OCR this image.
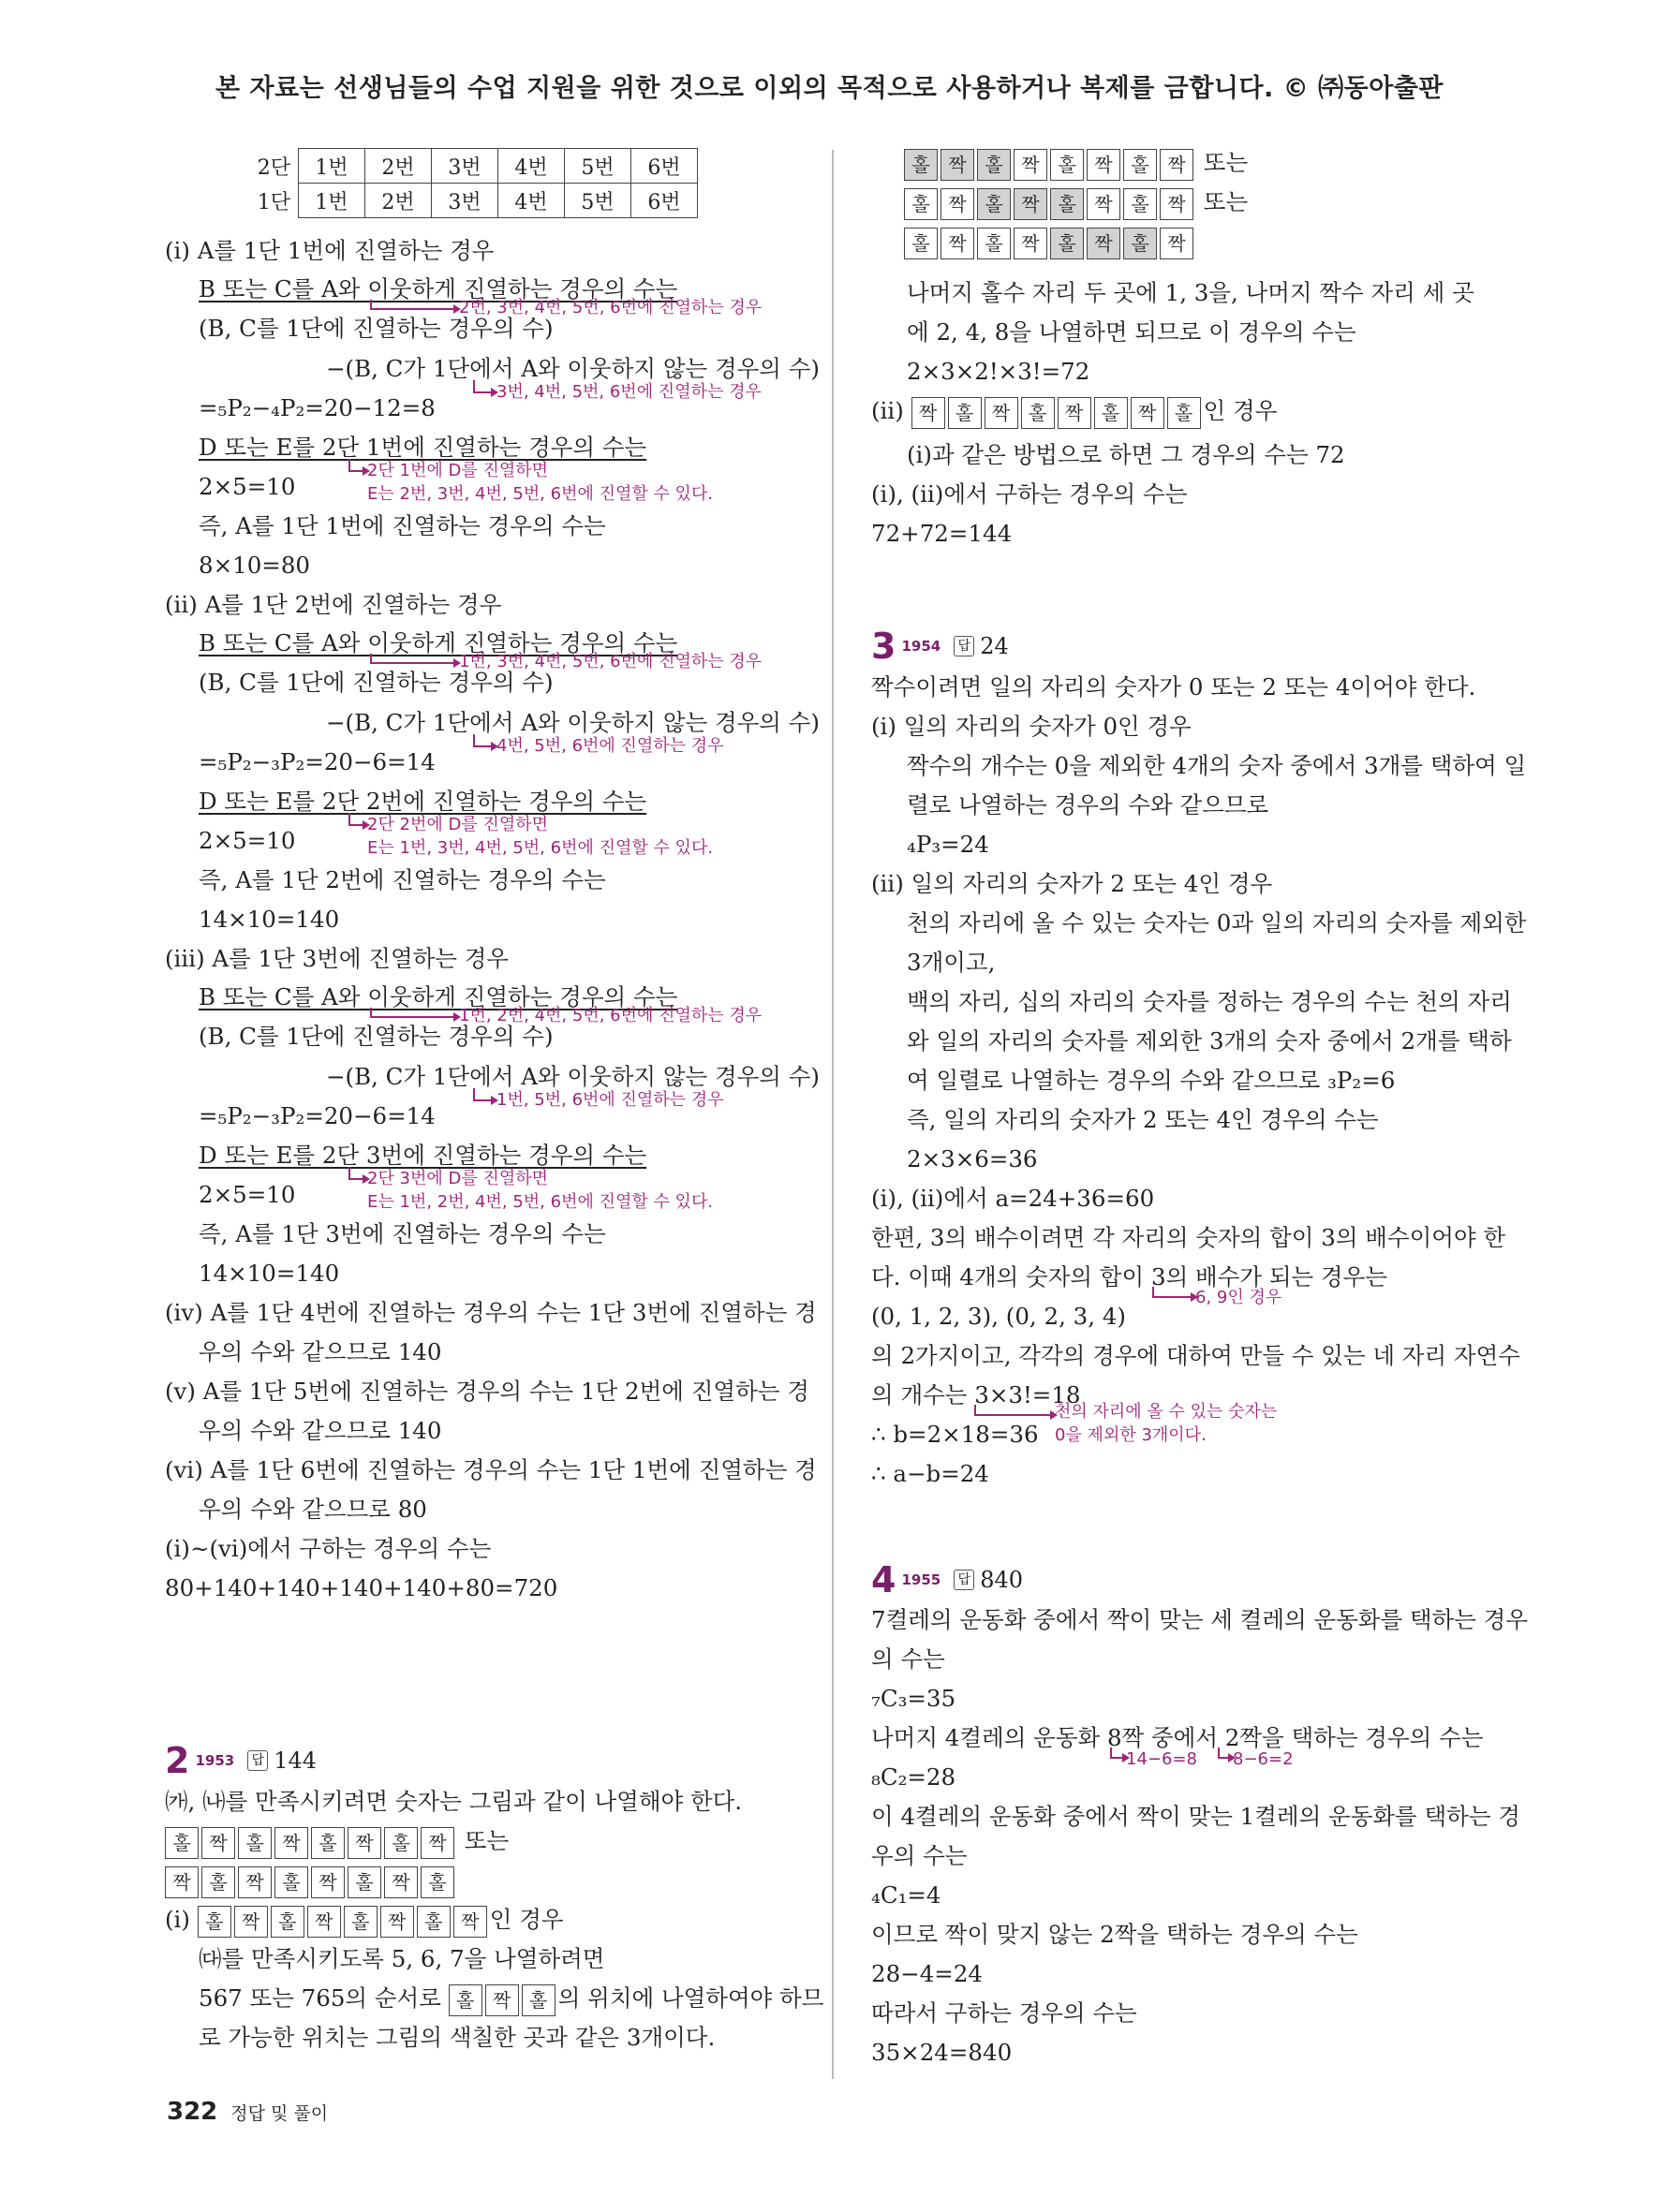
본 자료는 선생님들의 수업 지원을 위한 것으로 이외의 목적으로 사용하거나 복제를 금합니다. © ㈜동아출판
2단	1번	2번	3번	4번	5번	6번
1단	1번	2번	3번	4번	5번	6번
(ⅰ) A를 1단 1번에 진열하는 경우
B 또는 C를 A와 이웃하게 진열하는 경우의 수는
2번, 3번, 4번, 5번, 6번에 진열하는 경우
(B, C를 1단에 진열하는 경우의 수)
−(B, C가 1단에서 A와 이웃하지 않는 경우의 수)
3번, 4번, 5번, 6번에 진열하는 경우
=₅P₂−₄P₂=20−12=8
D 또는 E를 2단 1번에 진열하는 경우의 수는
2단 1번에 D를 진열하면
2×5=10	E는 2번, 3번, 4번, 5번, 6번에 진열할 수 있다.
즉, A를 1단 1번에 진열하는 경우의 수는
8×10=80
(ⅱ) A를 1단 2번에 진열하는 경우
B 또는 C를 A와 이웃하게 진열하는 경우의 수는
1번, 3번, 4번, 5번, 6번에 진열하는 경우
(B, C를 1단에 진열하는 경우의 수)
−(B, C가 1단에서 A와 이웃하지 않는 경우의 수)
4번, 5번, 6번에 진열하는 경우
=₅P₂−₃P₂=20−6=14
D 또는 E를 2단 2번에 진열하는 경우의 수는
2단 2번에 D를 진열하면
2×5=10	E는 1번, 3번, 4번, 5번, 6번에 진열할 수 있다.
즉, A를 1단 2번에 진열하는 경우의 수는
14×10=140
(ⅲ) A를 1단 3번에 진열하는 경우
B 또는 C를 A와 이웃하게 진열하는 경우의 수는
1번, 2번, 4번, 5번, 6번에 진열하는 경우
(B, C를 1단에 진열하는 경우의 수)
−(B, C가 1단에서 A와 이웃하지 않는 경우의 수)
1번, 5번, 6번에 진열하는 경우
=₅P₂−₃P₂=20−6=14
D 또는 E를 2단 3번에 진열하는 경우의 수는
2단 3번에 D를 진열하면
2×5=10	E는 1번, 2번, 4번, 5번, 6번에 진열할 수 있다.
즉, A를 1단 3번에 진열하는 경우의 수는
14×10=140
(ⅳ) A를 1단 4번에 진열하는 경우의 수는 1단 3번에 진열하는 경
우의 수와 같으므로 140
(ⅴ) A를 1단 5번에 진열하는 경우의 수는 1단 2번에 진열하는 경
우의 수와 같으므로 140
(ⅵ) A를 1단 6번에 진열하는 경우의 수는 1단 1번에 진열하는 경
우의 수와 같으므로 80
(ⅰ)~(ⅵ)에서 구하는 경우의 수는
80+140+140+140+140+80=720
2 1953 답 144
㈎, ㈏를 만족시키려면 숫자는 그림과 같이 나열해야 한다.
홀 짝 홀 짝 홀 짝 홀 짝 또는
짝 홀 짝 홀 짝 홀 짝 홀
(ⅰ) 홀 짝 홀 짝 홀 짝 홀 짝 인 경우
㈐를 만족시키도록 5, 6, 7을 나열하려면
567 또는 765의 순서로 홀 짝 홀 의 위치에 나열하여야 하므
로 가능한 위치는 그림의 색칠한 곳과 같은 3개이다.
홀 짝 홀 짝 홀 짝 홀 짝 또는
홀 짝 홀 짝 홀 짝 홀 짝 또는
홀 짝 홀 짝 홀 짝 홀 짝
나머지 홀수 자리 두 곳에 1, 3을, 나머지 짝수 자리 세 곳
에 2, 4, 8을 나열하면 되므로 이 경우의 수는
2×3×2!×3!=72
(ⅱ) 짝 홀 짝 홀 짝 홀 짝 홀 인 경우
(ⅰ)과 같은 방법으로 하면 그 경우의 수는 72
(ⅰ), (ⅱ)에서 구하는 경우의 수는
72+72=144
3 1954 답 24
짝수이려면 일의 자리의 숫자가 0 또는 2 또는 4이어야 한다.
(ⅰ) 일의 자리의 숫자가 0인 경우
짝수의 개수는 0을 제외한 4개의 숫자 중에서 3개를 택하여 일
렬로 나열하는 경우의 수와 같으므로
₄P₃=24
(ⅱ) 일의 자리의 숫자가 2 또는 4인 경우
천의 자리에 올 수 있는 숫자는 0과 일의 자리의 숫자를 제외한
3개이고,
백의 자리, 십의 자리의 숫자를 정하는 경우의 수는 천의 자리
와 일의 자리의 숫자를 제외한 3개의 숫자 중에서 2개를 택하
여 일렬로 나열하는 경우의 수와 같으므로 ₃P₂=6
즉, 일의 자리의 숫자가 2 또는 4인 경우의 수는
2×3×6=36
(ⅰ), (ⅱ)에서 a=24+36=60
한편, 3의 배수이려면 각 자리의 숫자의 합이 3의 배수이어야 한
다. 이때 4개의 숫자의 합이 3의 배수가 되는 경우는
6, 9인 경우
(0, 1, 2, 3), (0, 2, 3, 4)
의 2가지이고, 각각의 경우에 대하여 만들 수 있는 네 자리 자연수
의 개수는 3×3!=18
천의 자리에 올 수 있는 숫자는
∴ b=2×18=36 0을 제외한 3개이다.
∴ a−b=24
4 1955 답 840
7켤레의 운동화 중에서 짝이 맞는 세 켤레의 운동화를 택하는 경우
의 수는
₇C₃=35
나머지 4켤레의 운동화 8짝 중에서 2짝을 택하는 경우의 수는
14−6=8 8−6=2
₈C₂=28
이 4켤레의 운동화 중에서 짝이 맞는 1켤레의 운동화를 택하는 경
우의 수는
₄C₁=4
이므로 짝이 맞지 않는 2짝을 택하는 경우의 수는
28−4=24
따라서 구하는 경우의 수는
35×24=840
322 정답 및 풀이
